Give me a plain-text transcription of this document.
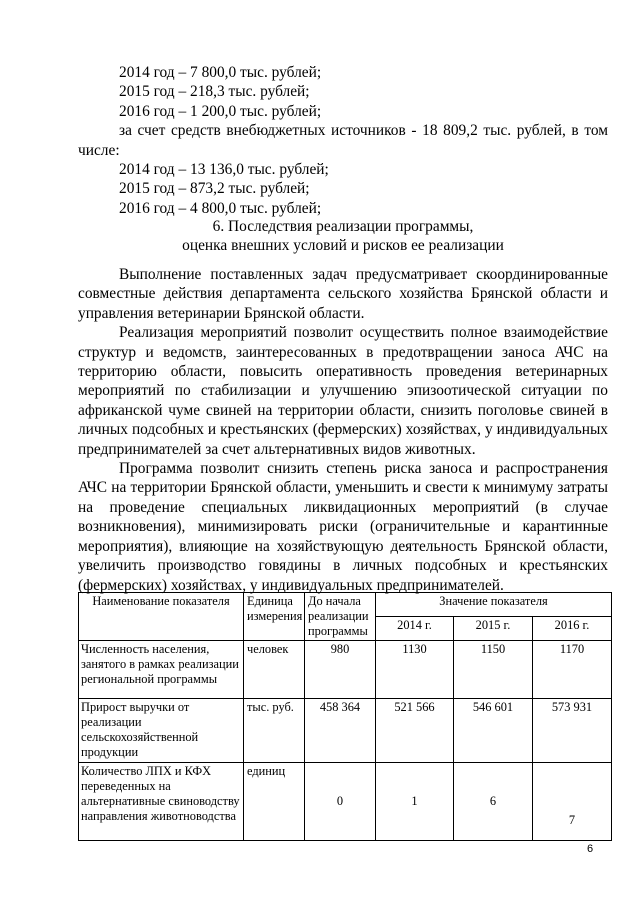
2014 год – 7 800,0 тыс. рублей;
2015 год – 218,3 тыс. рублей;
2016 год – 1 200,0 тыс. рублей;
за счет средств внебюджетных источников - 18 809,2 тыс. рублей, в том числе:
2014 год – 13 136,0 тыс. рублей;
2015 год – 873,2 тыс. рублей;
2016 год – 4 800,0 тыс. рублей;
6. Последствия реализации программы,
оценка внешних условий и рисков ее реализации

Выполнение поставленных задач предусматривает скоординированные совместные действия департамента сельского хозяйства Брянской области и управления ветеринарии Брянской области.

Реализация мероприятий позволит осуществить полное взаимодействие структур и ведомств, заинтересованных в предотвращении заноса АЧС на территорию области, повысить оперативность проведения ветеринарных мероприятий по стабилизации и улучшению эпизоотической ситуации по африканской чуме свиней на территории области, снизить поголовье свиней в личных подсобных и крестьянских (фермерских) хозяйствах, у индивидуальных предпринимателей за счет альтернативных видов животных.

Программа позволит снизить степень риска заноса и распространения АЧС на территории Брянской области, уменьшить и свести к минимуму затраты на проведение специальных ликвидационных мероприятий (в случае возникновения), минимизировать риски (ограничительные и карантинные мероприятия), влияющие на хозяйствующую деятельность Брянской области, увеличить производство говядины в личных подсобных и крестьянских (фермерских) хозяйствах, у индивидуальных предпринимателей.

Наименование показателя	Единица измерения	До начала реализации программы	Значение показателя		
			2014 г.	2015 г.	2016 г.
Численность населения, занятого в рамках реализации региональной программы	человек	980	1130	1150	1170
Прирост выручки от реализации сельскохозяйственной продукции	тыс. руб.	458 364	521 566	546 601	573 931
Количество ЛПХ и КФХ переведенных на альтернативные свиноводству направления животноводства	единиц	0	1	6	7
6
